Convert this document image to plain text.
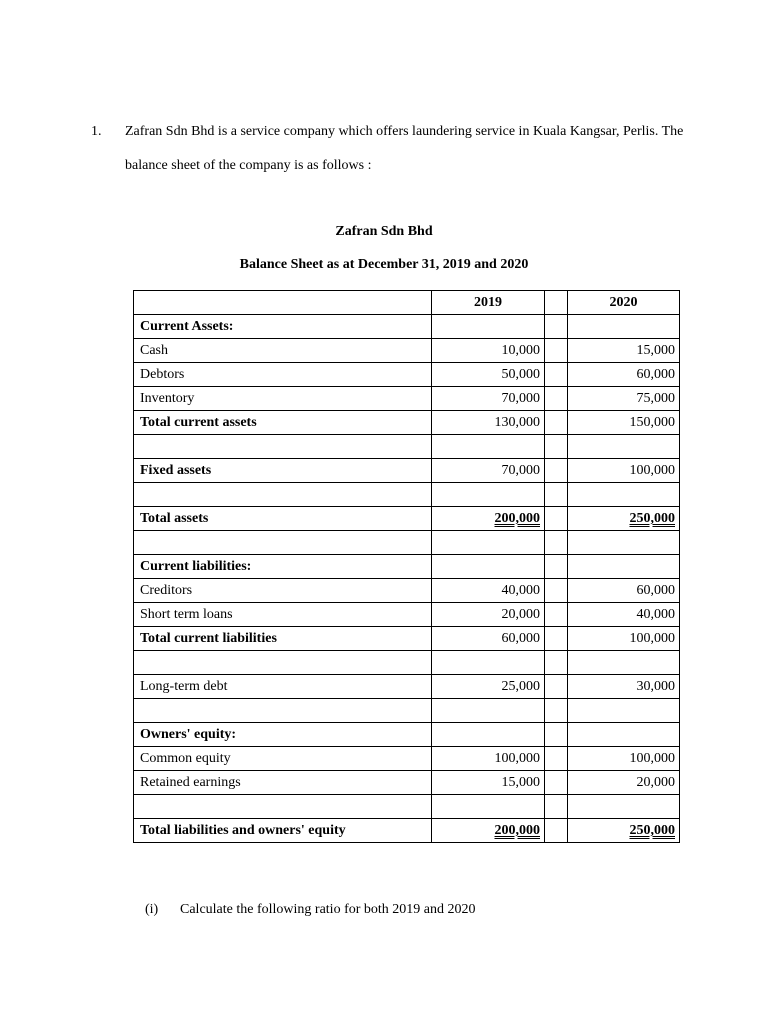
1. Zafran Sdn Bhd is a service company which offers laundering service in Kuala Kangsar, Perlis. The
balance sheet of the company is as follows :
Zafran Sdn Bhd
Balance Sheet as at December 31, 2019 and 2020
	2019		2020
Current Assets:			
Cash	10,000		15,000
Debtors	50,000		60,000
Inventory	70,000		75,000
Total current assets	130,000		150,000

Fixed assets	70,000		100,000

Total assets	200,000		250,000

Current liabilities:			
Creditors	40,000		60,000
Short term loans	20,000		40,000
Total current liabilities	60,000		100,000

Long-term debt	25,000		30,000

Owners' equity:			
Common equity	100,000		100,000
Retained earnings	15,000		20,000

Total liabilities and owners' equity	200,000		250,000
(i) Calculate the following ratio for both 2019 and 2020
